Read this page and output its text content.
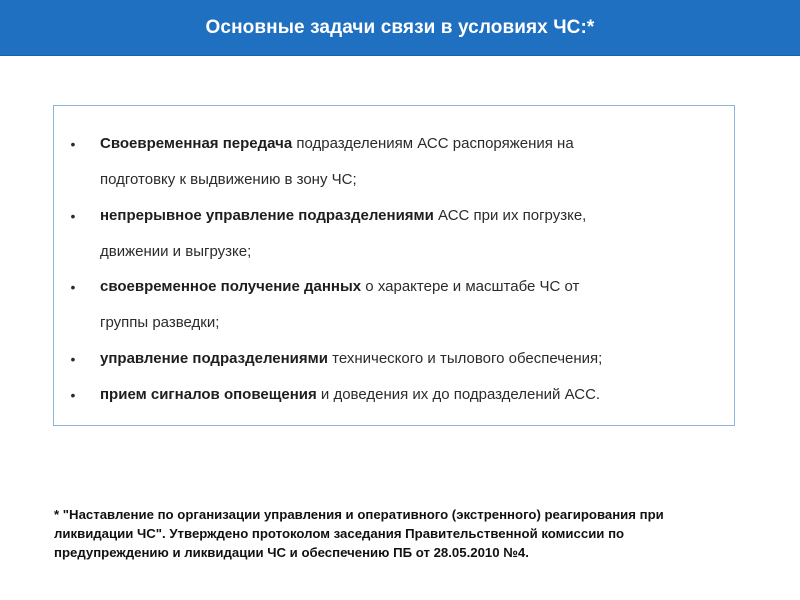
Основные задачи связи в условиях ЧС:*
• Своевременная передача подразделениям АСС распоряжения на
подготовку к выдвижению в зону ЧС;
• непрерывное управление подразделениями АСС при их погрузке,
движении и выгрузке;
• своевременное получение данных о характере и масштабе ЧС от
группы разведки;
• управление подразделениями технического и тылового обеспечения;
• прием сигналов оповещения и доведения их до подразделений АСС.
* "Наставление по организации управления и оперативного (экстренного) реагирования при
ликвидации ЧС". Утверждено протоколом заседания Правительственной комиссии по
предупреждению и ликвидации ЧС и обеспечению ПБ от 28.05.2010 №4.
